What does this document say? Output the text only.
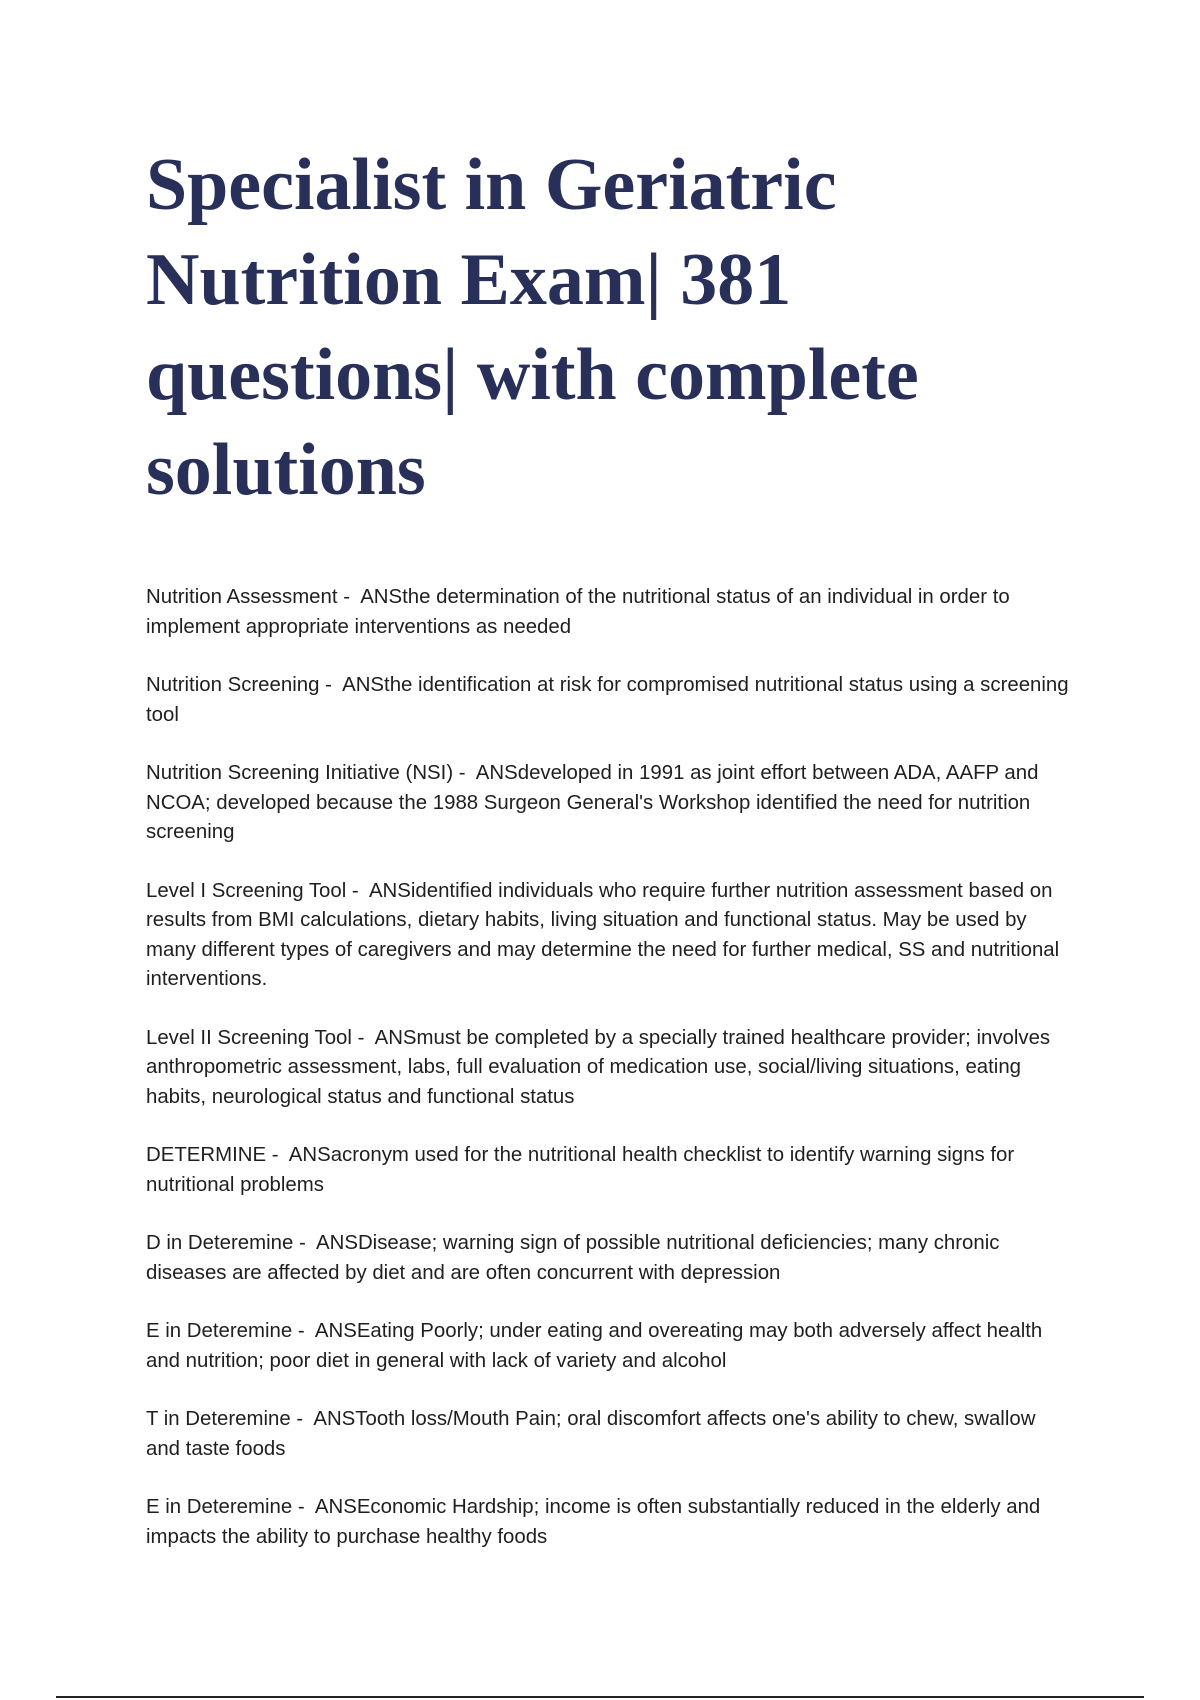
Specialist in Geriatric Nutrition Exam| 381 questions| with complete solutions
Nutrition Assessment -  ANSthe determination of the nutritional status of an individual in order to implement appropriate interventions as needed
Nutrition Screening -  ANSthe identification at risk for compromised nutritional status using a screening tool
Nutrition Screening Initiative (NSI) -  ANSdeveloped in 1991 as joint effort between ADA, AAFP and NCOA; developed because the 1988 Surgeon General's Workshop identified the need for nutrition screening
Level I Screening Tool -  ANSidentified individuals who require further nutrition assessment based on results from BMI calculations, dietary habits, living situation and functional status. May be used by many different types of caregivers and may determine the need for further medical, SS and nutritional interventions.
Level II Screening Tool -  ANSmust be completed by a specially trained healthcare provider; involves anthropometric assessment, labs, full evaluation of medication use, social/living situations, eating habits, neurological status and functional status
DETERMINE -  ANSacronym used for the nutritional health checklist to identify warning signs for nutritional problems
D in Deteremine -  ANSDisease; warning sign of possible nutritional deficiencies; many chronic diseases are affected by diet and are often concurrent with depression
E in Deteremine -  ANSEating Poorly; under eating and overeating may both adversely affect health and nutrition; poor diet in general with lack of variety and alcohol
T in Deteremine -  ANSTooth loss/Mouth Pain; oral discomfort affects one's ability to chew, swallow and taste foods
E in Deteremine -  ANSEconomic Hardship; income is often substantially reduced in the elderly and impacts the ability to purchase healthy foods
